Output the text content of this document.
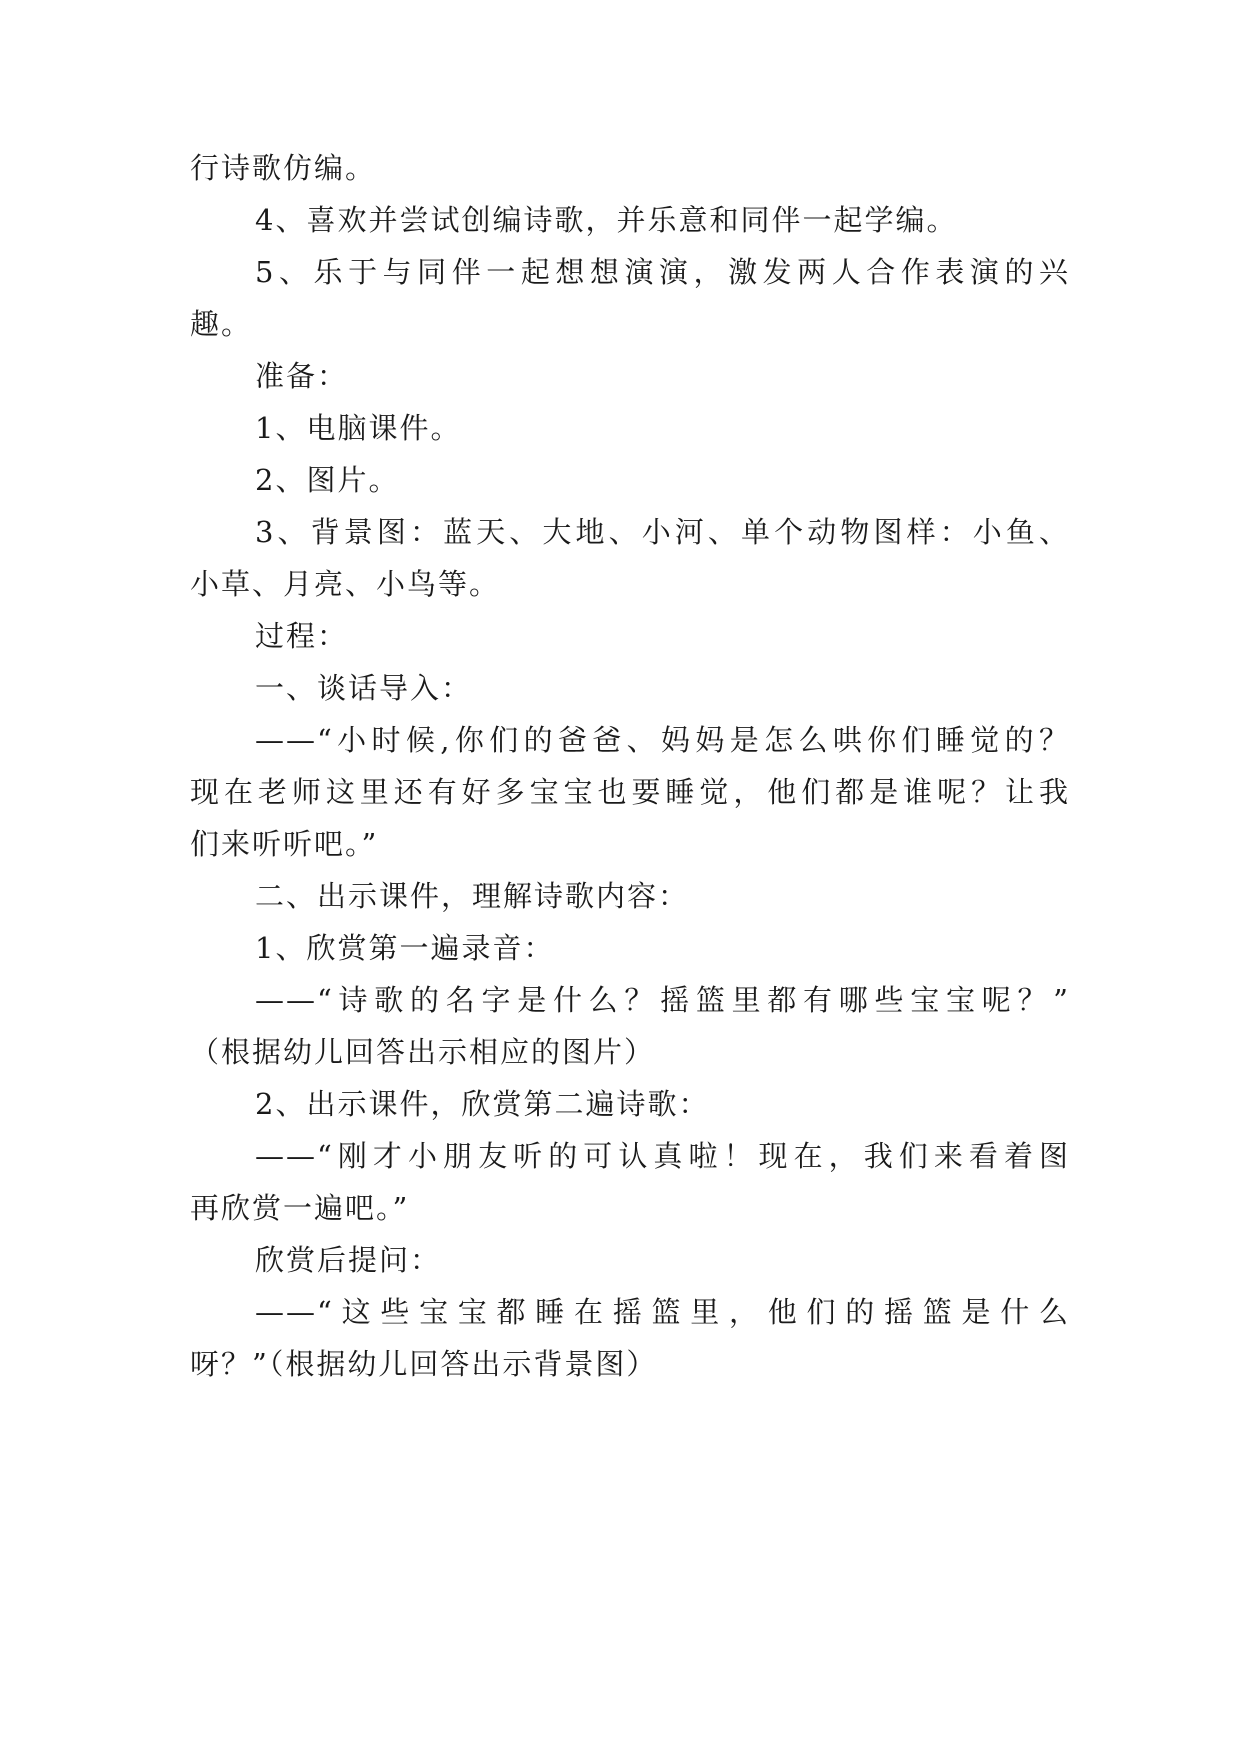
行诗歌仿编。
4、喜欢并尝试创编诗歌，并乐意和同伴一起学编。
5、乐于与同伴一起想想演演，激发两人合作表演的兴
趣。
准备：
1、电脑课件。
2、图片。
3、背景图：蓝天、大地、小河、单个动物图样：小鱼、
小草、月亮、小鸟等。
过程：
一、谈话导入：
——“小时候,你们的爸爸、妈妈是怎么哄你们睡觉的？
现在老师这里还有好多宝宝也要睡觉，他们都是谁呢？让我
们来听听吧。”
二、出示课件，理解诗歌内容：
1、欣赏第一遍录音：
——“诗歌的名字是什么？摇篮里都有哪些宝宝呢？”
（根据幼儿回答出示相应的图片）
2、出示课件，欣赏第二遍诗歌：
——“刚才小朋友听的可认真啦！现在，我们来看着图
再欣赏一遍吧。”
欣赏后提问：
——“这些宝宝都睡在摇篮里，他们的摇篮是什么
呀？”（根据幼儿回答出示背景图）
